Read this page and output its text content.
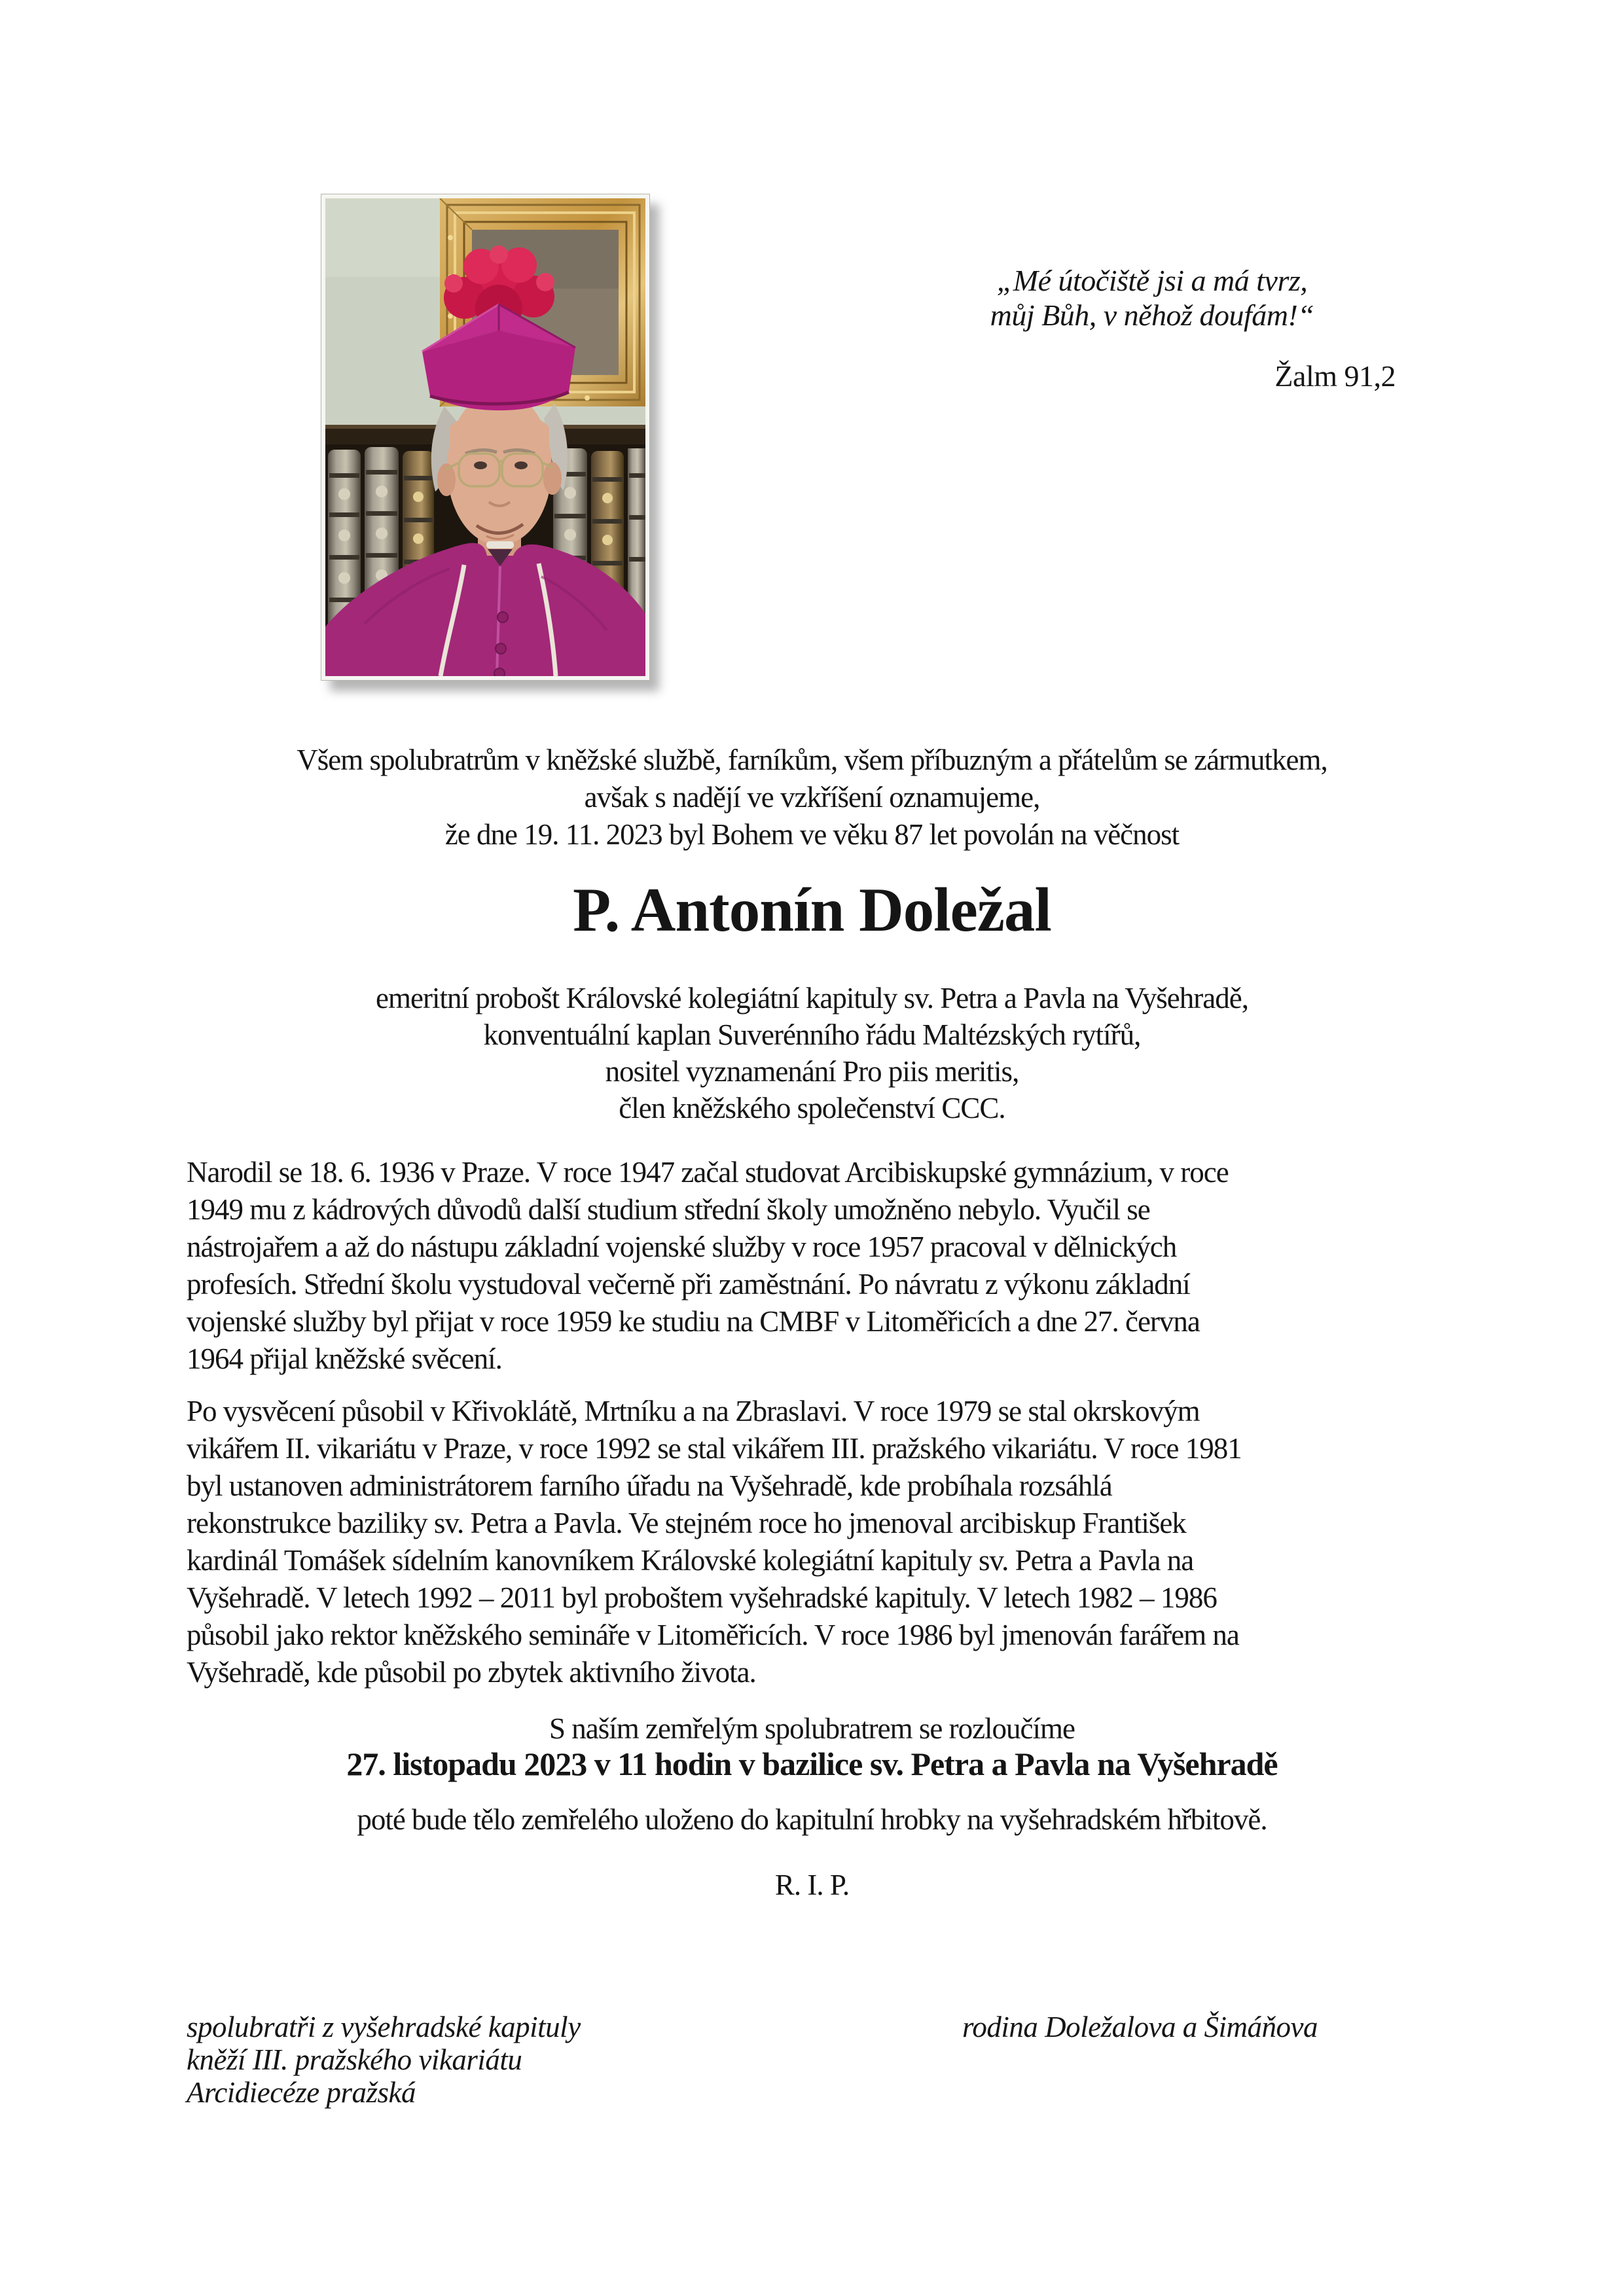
„Mé útočiště jsi a má tvrz,
můj Bůh, v něhož doufám!“
Žalm 91,2
Všem spolubratrům v kněžské službě, farníkům, všem příbuzným a přátelům se zármutkem,
avšak s nadějí ve vzkříšení oznamujeme,
že dne 19. 11. 2023 byl Bohem ve věku 87 let povolán na věčnost
P. Antonín Doležal
emeritní probošt Královské kolegiátní kapituly sv. Petra a Pavla na Vyšehradě,
konventuální kaplan Suverénního řádu Maltézských rytířů,
nositel vyznamenání Pro piis meritis,
člen kněžského společenství CCC.
Narodil se 18. 6. 1936 v Praze. V roce 1947 začal studovat Arcibiskupské gymnázium, v roce
1949 mu z kádrových důvodů další studium střední školy umožněno nebylo. Vyučil se
nástrojařem a až do nástupu základní vojenské služby v roce 1957 pracoval v dělnických
profesích. Střední školu vystudoval večerně při zaměstnání. Po návratu z výkonu základní
vojenské služby byl přijat v roce 1959 ke studiu na CMBF v Litoměřicích a dne 27. června
1964 přijal kněžské svěcení.
Po vysvěcení působil v Křivoklátě, Mrtníku a na Zbraslavi. V roce 1979 se stal okrskovým
vikářem II. vikariátu v Praze, v roce 1992 se stal vikářem III. pražského vikariátu. V roce 1981
byl ustanoven administrátorem farního úřadu na Vyšehradě, kde probíhala rozsáhlá
rekonstrukce baziliky sv. Petra a Pavla. Ve stejném roce ho jmenoval arcibiskup František
kardinál Tomášek sídelním kanovníkem Královské kolegiátní kapituly sv. Petra a Pavla na
Vyšehradě. V letech 1992 – 2011 byl proboštem vyšehradské kapituly. V letech 1982 – 1986
působil jako rektor kněžského semináře v Litoměřicích. V roce 1986 byl jmenován farářem na
Vyšehradě, kde působil po zbytek aktivního života.
S naším zemřelým spolubratrem se rozloučíme
27. listopadu 2023 v 11 hodin v bazilice sv. Petra a Pavla na Vyšehradě
poté bude tělo zemřelého uloženo do kapitulní hrobky na vyšehradském hřbitově.
R. I. P.
spolubratři z vyšehradské kapituly
kněží III. pražského vikariátu
Arcidiecéze pražská
rodina Doležalova a Šimáňova
